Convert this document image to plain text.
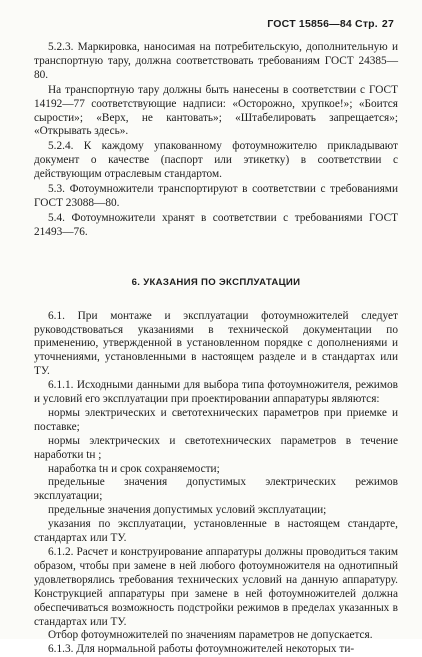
ГОСТ 15856—84 Стр. 27

5.2.3. Маркировка, наносимая на потребительскую, дополнительную и транспортную тару, должна соответствовать требованиям ГОСТ 24385—80.

На транспортную тару должны быть нанесены в соответствии с ГОСТ 14192—77 соответствующие надписи: «Осторожно, хрупкое!»; «Боится сырости»; «Верх, не кантовать»; «Штабелировать запрещается»; «Открывать здесь».

5.2.4. К каждому упакованному фотоумножителю прикладывают документ о качестве (паспорт или этикетку) в соответствии с действующим отраслевым стандартом.

5.3. Фотоумножители транспортируют в соответствии с требованиями ГОСТ 23088—80.

5.4. Фотоумножители хранят в соответствии с требованиями ГОСТ 21493—76.

6. УКАЗАНИЯ ПО ЭКСПЛУАТАЦИИ

6.1. При монтаже и эксплуатации фотоумножителей следует руководствоваться указаниями в технической документации по применению, утвержденной в установленном порядке с дополнениями и уточнениями, установленными в настоящем разделе и в стандартах или ТУ.

6.1.1. Исходными данными для выбора типа фотоумножителя, режимов и условий его эксплуатации при проектировании аппаратуры являются:

нормы электрических и светотехнических параметров при приемке и поставке;

нормы электрических и светотехнических параметров в течение наработки tн ;

наработка tн и срок сохраняемости;

предельные значения допустимых электрических режимов эксплуатации;

предельные значения допустимых условий эксплуатации;

указания по эксплуатации, установленные в настоящем стандарте, стандартах или ТУ.

6.1.2. Расчет и конструирование аппаратуры должны проводиться таким образом, чтобы при замене в ней любого фотоумножителя на однотипный удовлетворялись требования технических условий на данную аппаратуру. Конструкцией аппаратуры при замене в ней фотоумножителей должна обеспечиваться возможность подстройки режимов в пределах указанных в стандартах или ТУ.

Отбор фотоумножителей по значениям параметров не допускается.

6.1.3. Для нормальной работы фотоумножителей некоторых ти-
